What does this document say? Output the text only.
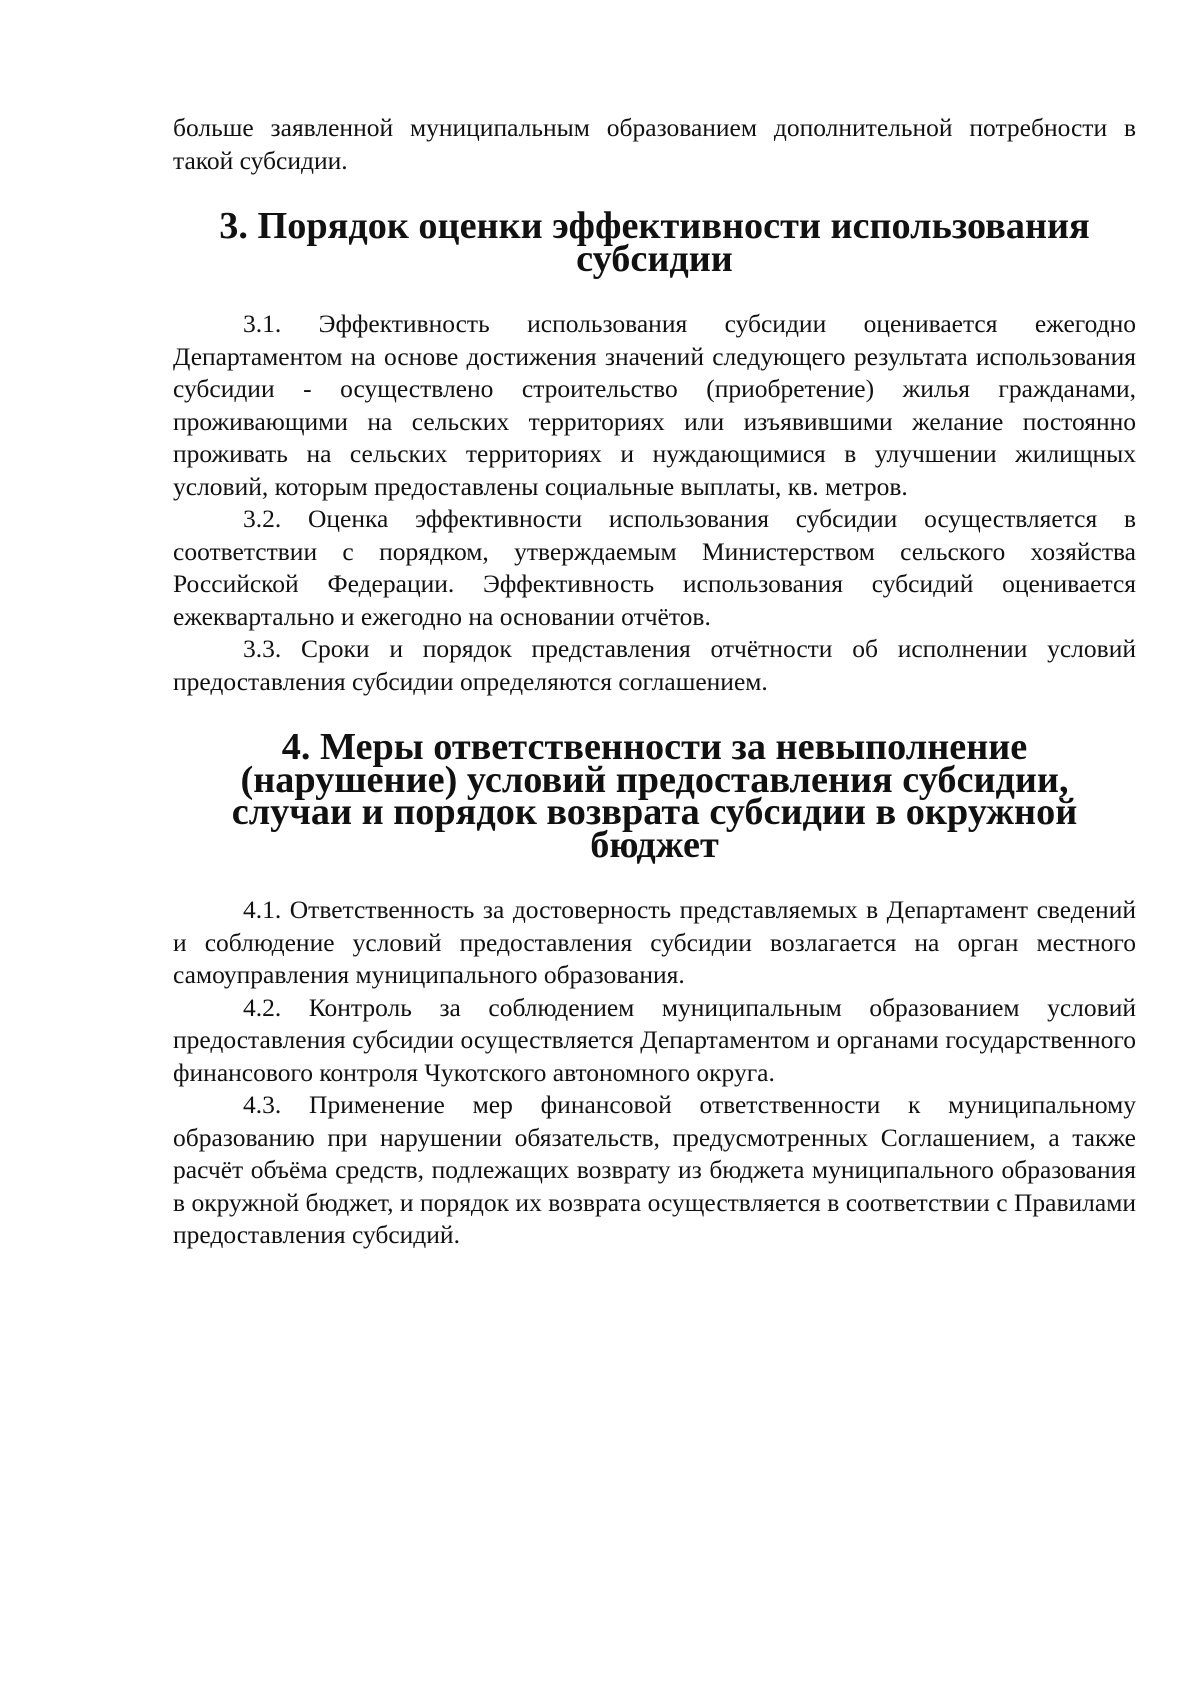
больше заявленной муниципальным образованием дополнительной потребности в такой субсидии.

3. Порядок оценки эффективности использования субсидии

3.1. Эффективность использования субсидии оценивается ежегодно Департаментом на основе достижения значений следующего результата использования субсидии - осуществлено строительство (приобретение) жилья гражданами, проживающими на сельских территориях или изъявившими желание постоянно проживать на сельских территориях и нуждающимися в улучшении жилищных условий, которым предоставлены социальные выплаты, кв. метров.

3.2. Оценка эффективности использования субсидии осуществляется в соответствии с порядком, утверждаемым Министерством сельского хозяйства Российской Федерации. Эффективность использования субсидий оценивается ежеквартально и ежегодно на основании отчётов.

3.3. Сроки и порядок представления отчётности об исполнении условий предоставления субсидии определяются соглашением.

4. Меры ответственности за невыполнение (нарушение) условий предоставления субсидии, случаи и порядок возврата субсидии в окружной бюджет

4.1. Ответственность за достоверность представляемых в Департамент сведений и соблюдение условий предоставления субсидии возлагается на орган местного самоуправления муниципального образования.

4.2. Контроль за соблюдением муниципальным образованием условий предоставления субсидии осуществляется Департаментом и органами государственного финансового контроля Чукотского автономного округа.

4.3. Применение мер финансовой ответственности к муниципальному образованию при нарушении обязательств, предусмотренных Соглашением, а также расчёт объёма средств, подлежащих возврату из бюджета муниципального образования в окружной бюджет, и порядок их возврата осуществляется в соответствии с Правилами предоставления субсидий.
